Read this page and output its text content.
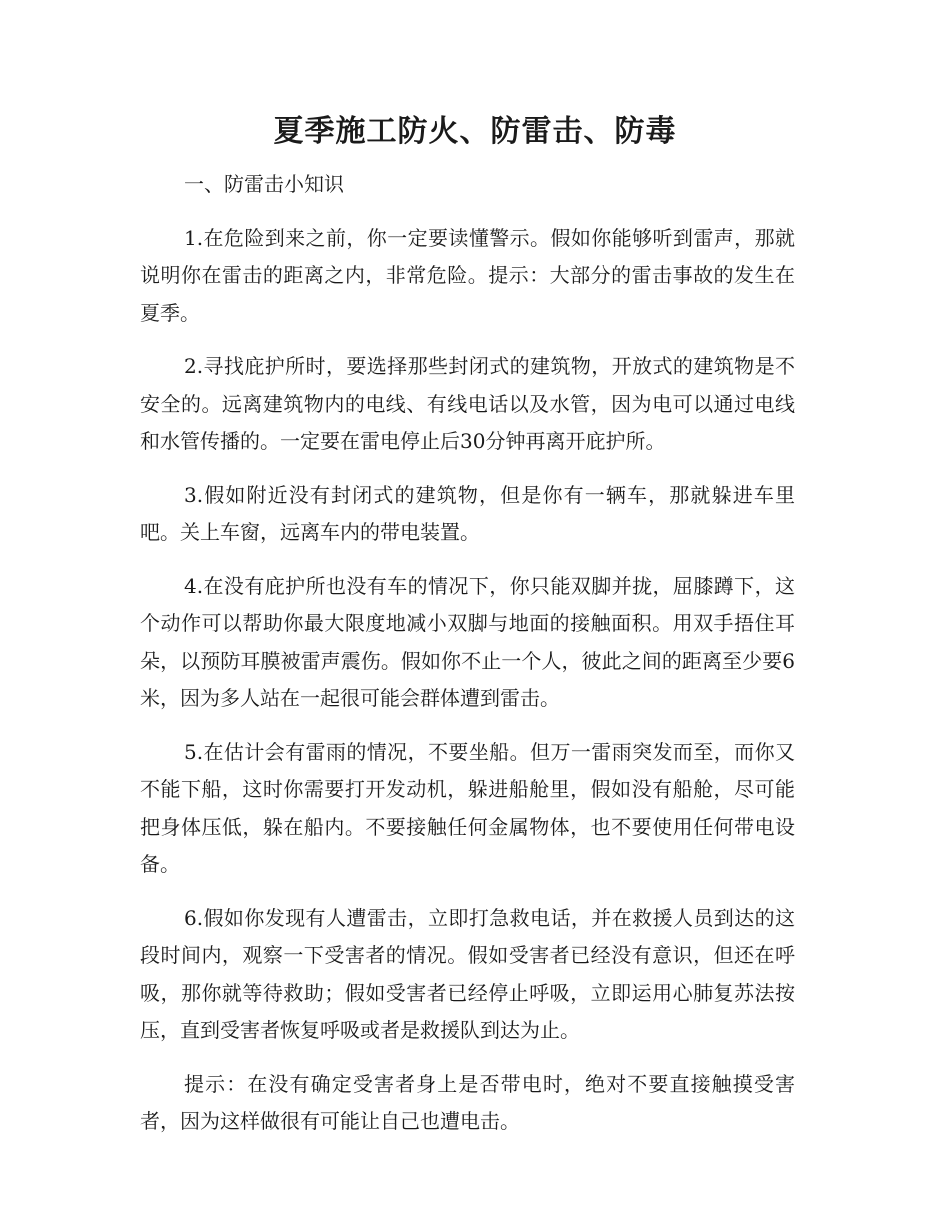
夏季施工防火、防雷击、防毒

一、防雷击小知识

1.在危险到来之前，你一定要读懂警示。假如你能够听到雷声，那就说明你在雷击的距离之内，非常危险。提示：大部分的雷击事故的发生在夏季。

2.寻找庇护所时，要选择那些封闭式的建筑物，开放式的建筑物是不安全的。远离建筑物内的电线、有线电话以及水管，因为电可以通过电线和水管传播的。一定要在雷电停止后30分钟再离开庇护所。

3.假如附近没有封闭式的建筑物，但是你有一辆车，那就躲进车里吧。关上车窗，远离车内的带电装置。

4.在没有庇护所也没有车的情况下，你只能双脚并拢，屈膝蹲下，这个动作可以帮助你最大限度地减小双脚与地面的接触面积。用双手捂住耳朵，以预防耳膜被雷声震伤。假如你不止一个人，彼此之间的距离至少要6米，因为多人站在一起很可能会群体遭到雷击。

5.在估计会有雷雨的情况，不要坐船。但万一雷雨突发而至，而你又不能下船，这时你需要打开发动机，躲进船舱里，假如没有船舱，尽可能把身体压低，躲在船内。不要接触任何金属物体，也不要使用任何带电设备。

6.假如你发现有人遭雷击，立即打急救电话，并在救援人员到达的这段时间内，观察一下受害者的情况。假如受害者已经没有意识，但还在呼吸，那你就等待救助；假如受害者已经停止呼吸，立即运用心肺复苏法按压，直到受害者恢复呼吸或者是救援队到达为止。

提示：在没有确定受害者身上是否带电时，绝对不要直接触摸受害者，因为这样做很有可能让自己也遭电击。
